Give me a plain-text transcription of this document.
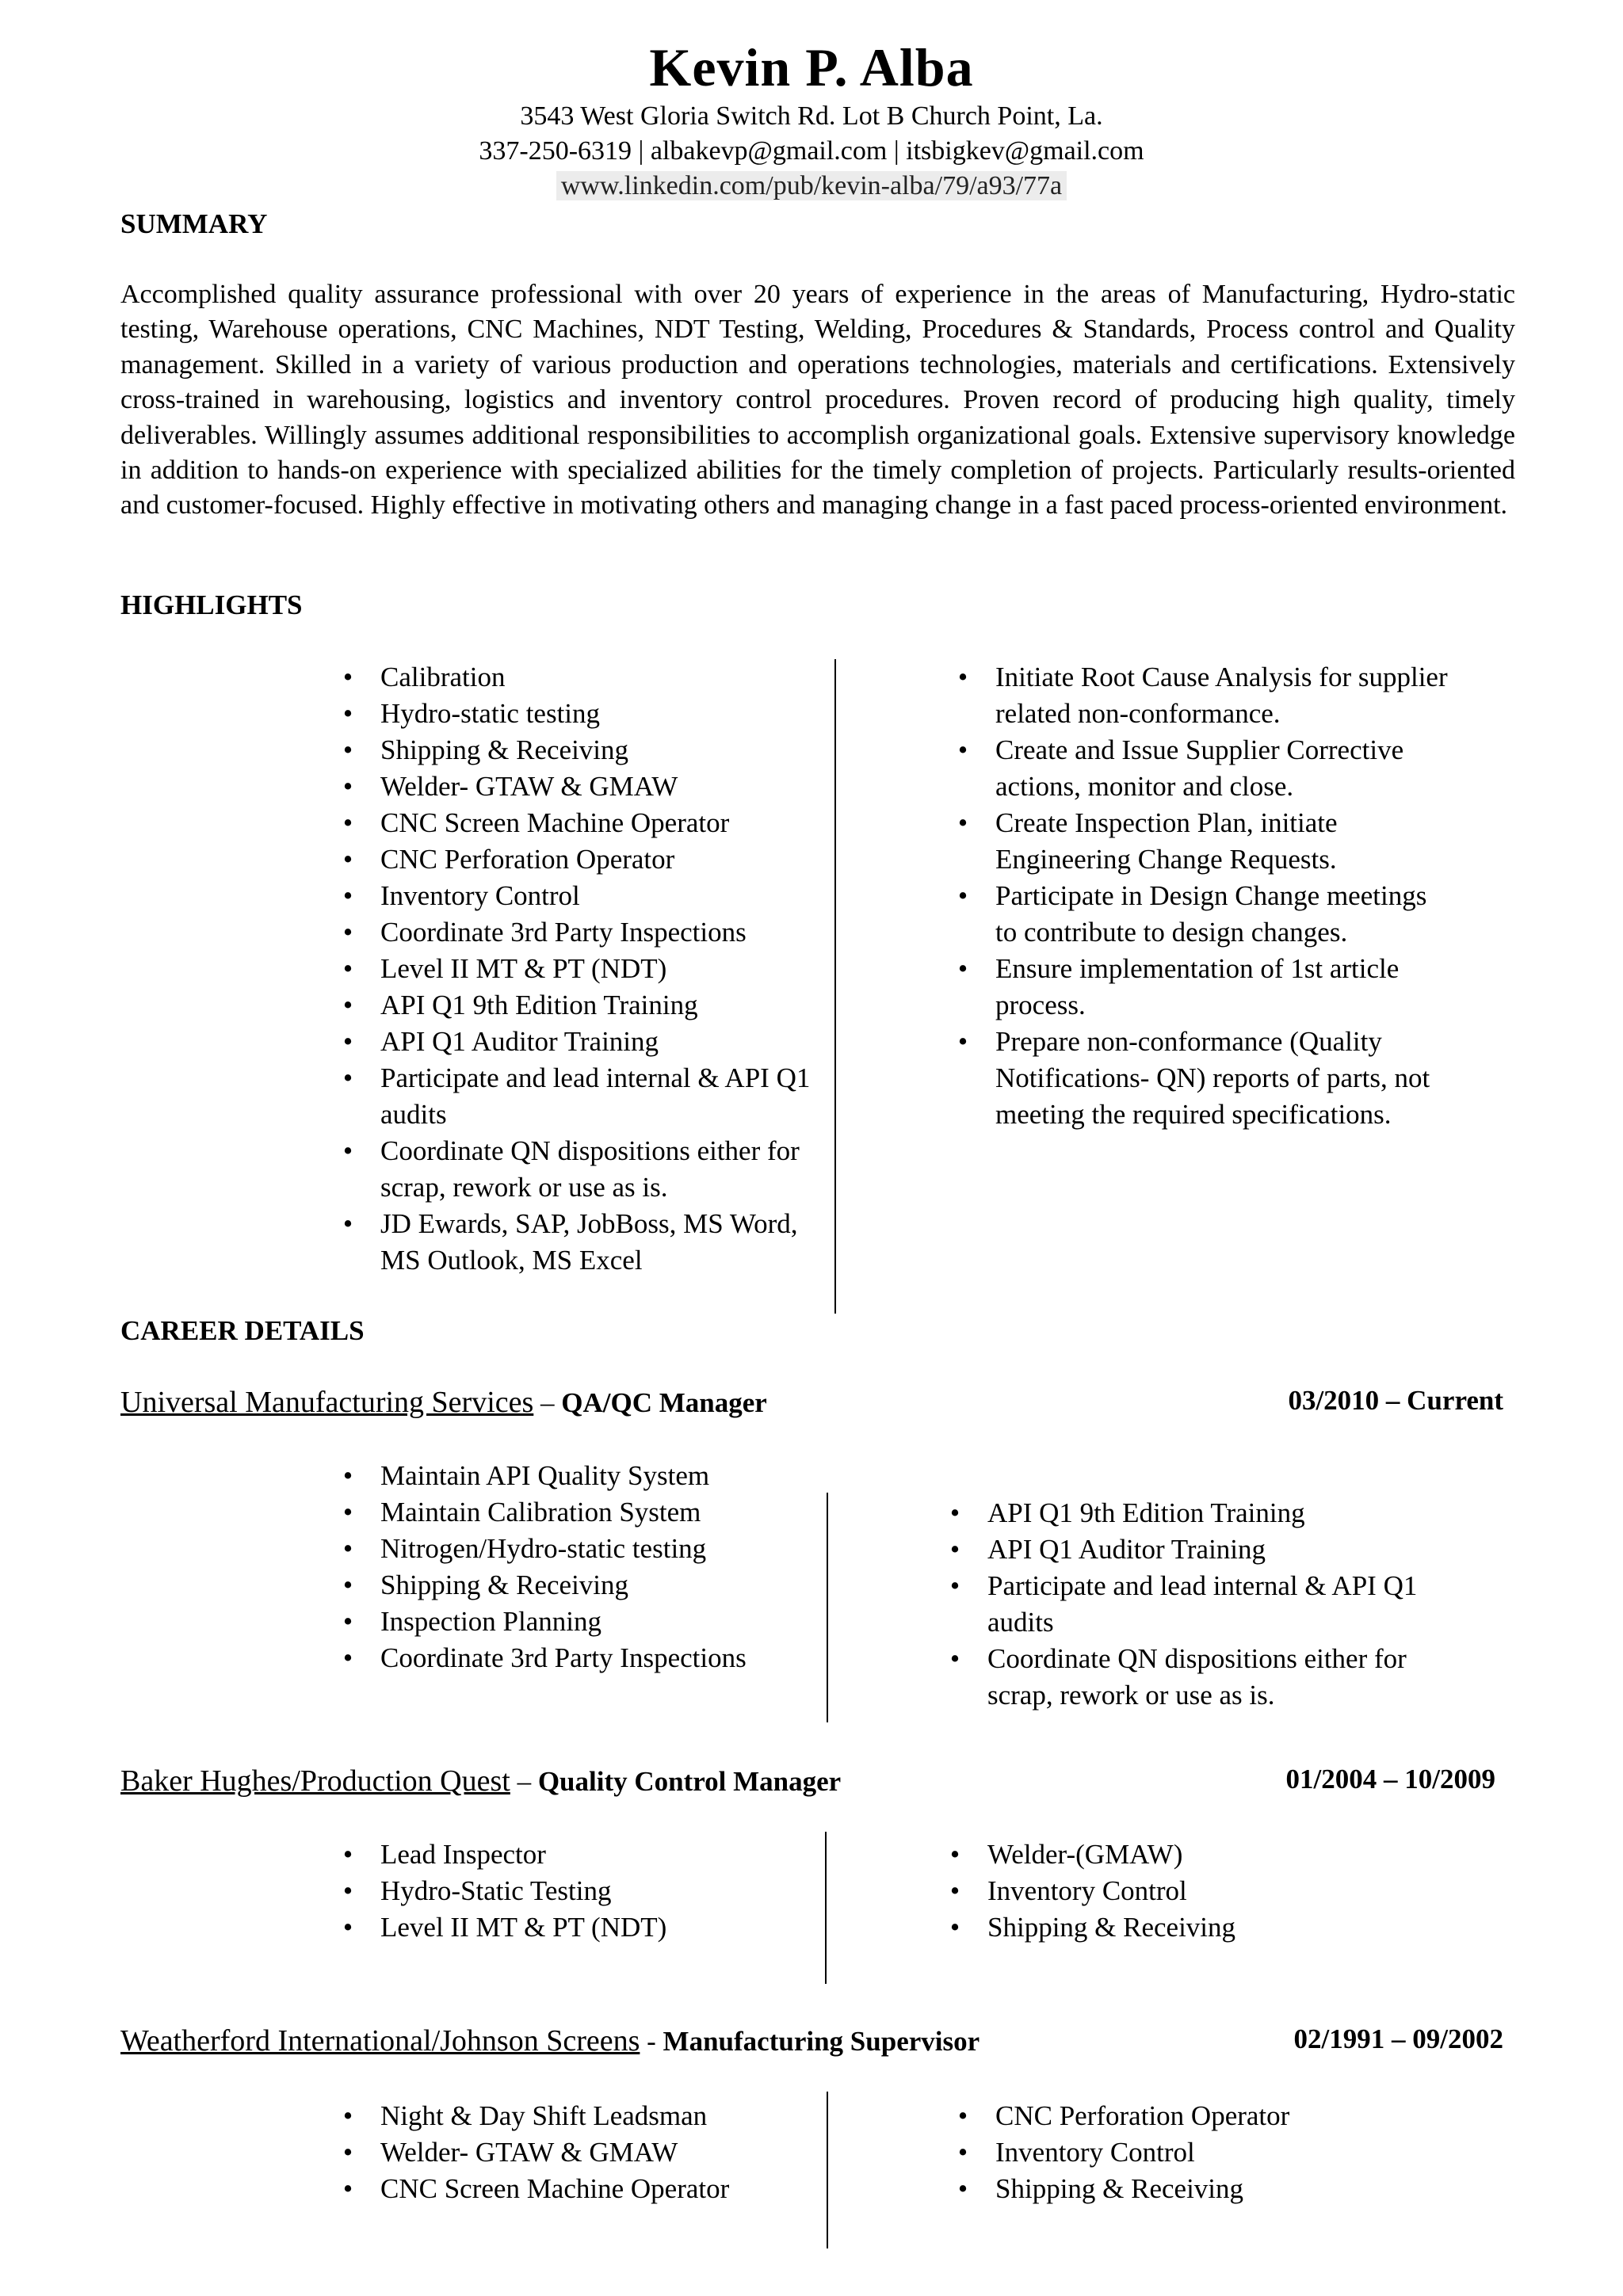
Kevin P. Alba
3543 West Gloria Switch Rd. Lot B Church Point, La.
337-250-6319 | albakevp@gmail.com | itsbigkev@gmail.com
www.linkedin.com/pub/kevin-alba/79/a93/77a
SUMMARY
Accomplished quality assurance professional with over 20 years of experience in the areas of Manufacturing, Hydro-static testing, Warehouse operations, CNC Machines, NDT Testing, Welding, Procedures & Standards, Process control and Quality management. Skilled in a variety of various production and operations technologies, materials and certifications. Extensively cross-trained in warehousing, logistics and inventory control procedures. Proven record of producing high quality, timely deliverables. Willingly assumes additional responsibilities to accomplish organizational goals. Extensive supervisory knowledge in addition to hands-on experience with specialized abilities for the timely completion of projects. Particularly results-oriented and customer-focused. Highly effective in motivating others and managing change in a fast paced process-oriented environment.
HIGHLIGHTS
• Calibration
• Hydro-static testing
• Shipping & Receiving
• Welder- GTAW & GMAW
• CNC Screen Machine Operator
• CNC Perforation Operator
• Inventory Control
• Coordinate 3rd Party Inspections
• Level II MT & PT (NDT)
• API Q1 9th Edition Training
• API Q1 Auditor Training
• Participate and lead internal & API Q1 audits
• Coordinate QN dispositions either for scrap, rework or use as is.
• JD Ewards, SAP, JobBoss, MS Word, MS Outlook, MS Excel
• Initiate Root Cause Analysis for supplier related non-conformance.
• Create and Issue Supplier Corrective actions, monitor and close.
• Create Inspection Plan, initiate Engineering Change Requests.
• Participate in Design Change meetings to contribute to design changes.
• Ensure implementation of 1st article process.
• Prepare non-conformance (Quality Notifications- QN) reports of parts, not meeting the required specifications.
CAREER DETAILS
Universal Manufacturing Services – QA/QC Manager	03/2010 – Current
• Maintain API Quality System
• Maintain Calibration System
• Nitrogen/Hydro-static testing
• Shipping & Receiving
• Inspection Planning
• Coordinate 3rd Party Inspections
• API Q1 9th Edition Training
• API Q1 Auditor Training
• Participate and lead internal & API Q1 audits
• Coordinate QN dispositions either for scrap, rework or use as is.
Baker Hughes/Production Quest – Quality Control Manager	01/2004 – 10/2009
• Lead Inspector
• Hydro-Static Testing
• Level II MT & PT (NDT)
• Welder-(GMAW)
• Inventory Control
• Shipping & Receiving
Weatherford International/Johnson Screens - Manufacturing Supervisor	02/1991 – 09/2002
• Night & Day Shift Leadsman
• Welder- GTAW & GMAW
• CNC Screen Machine Operator
• CNC Perforation Operator
• Inventory Control
• Shipping & Receiving
